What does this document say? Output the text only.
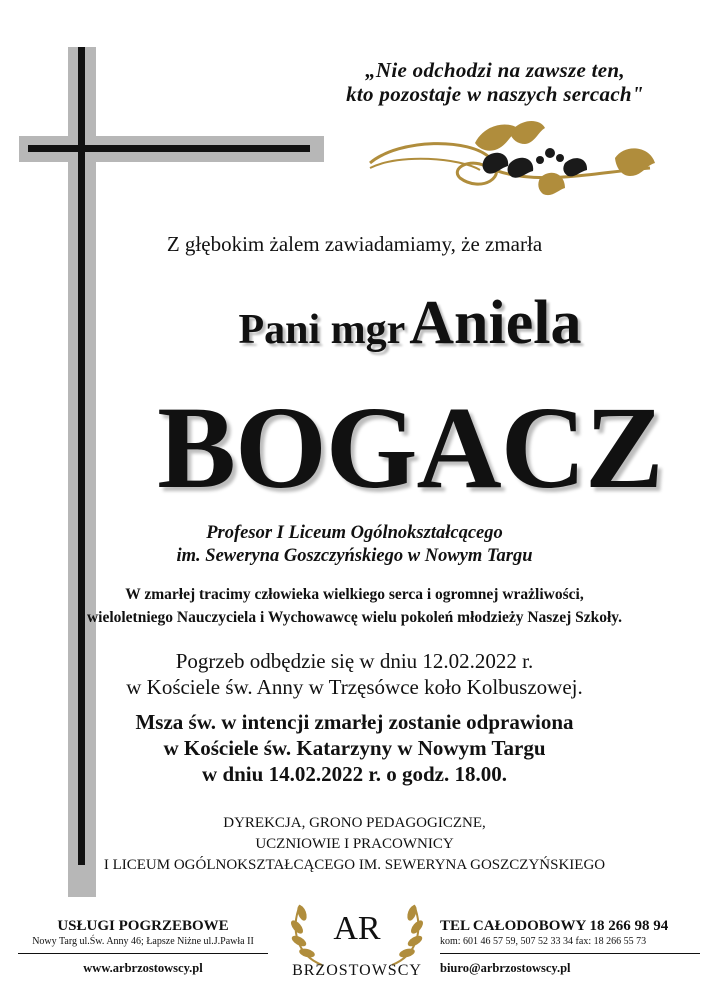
„Nie odchodzi na zawsze ten,
kto pozostaje w naszych sercach"
Z głębokim żalem zawiadamiamy, że zmarła
Pani mgr Aniela
BOGACZ
Profesor I Liceum Ogólnokształcącego
im. Seweryna Goszczyńskiego w Nowym Targu
W zmarłej tracimy człowieka wielkiego serca i ogromnej wrażliwości,
wieloletniego Nauczyciela i Wychowawcę wielu pokoleń młodzieży Naszej Szkoły.
Pogrzeb odbędzie się w dniu 12.02.2022 r.
w Kościele św. Anny w Trzęsówce koło Kolbuszowej.
Msza św. w intencji zmarłej zostanie odprawiona
w Kościele św. Katarzyny w Nowym Targu
w dniu 14.02.2022 r. o godz. 18.00.
DYREKCJA, GRONO PEDAGOGICZNE,
UCZNIOWIE I PRACOWNICY
I LICEUM OGÓLNOKSZTAŁCĄCEGO IM. SEWERYNA GOSZCZYŃSKIEGO
USŁUGI POGRZEBOWE
Nowy Targ ul.Św. Anny 46; Łapsze Niżne ul.J.Pawła II
www.arbrzostowscy.pl
AR
BRZOSTOWSCY
TEL CAŁODOBOWY 18 266 98 94
kom: 601 46 57 59, 507 52 33 34 fax: 18 266 55 73
biuro@arbrzostowscy.pl
